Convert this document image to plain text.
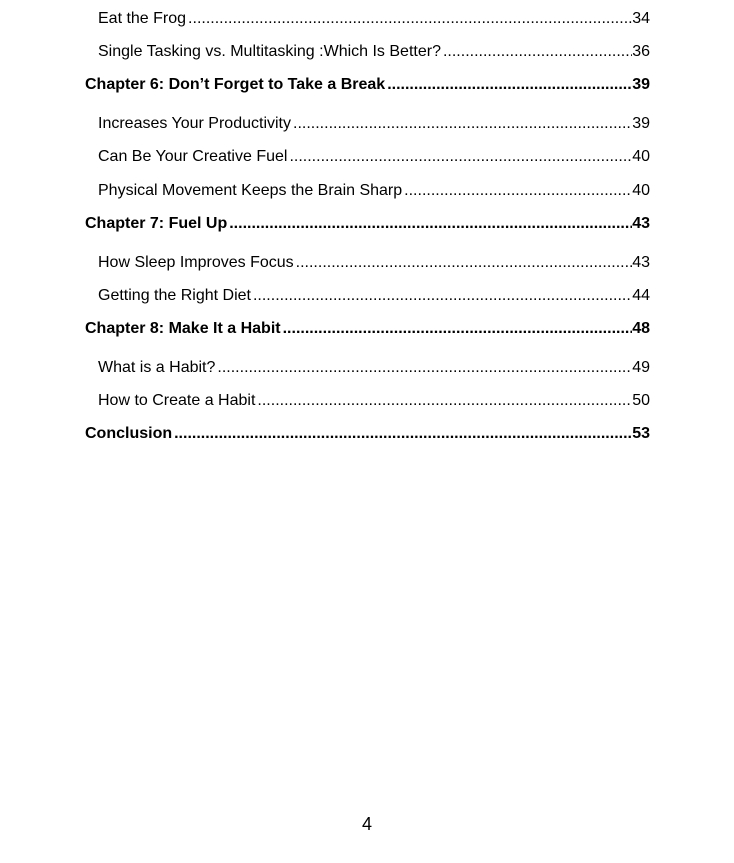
Eat the Frog .....	34
Single Tasking vs. Multitasking :Which Is Better? .....	36
Chapter 6: Don’t Forget to Take a Break .....	39
Increases Your Productivity .....	39
Can Be Your Creative Fuel .....	40
Physical Movement Keeps the Brain Sharp .....	40
Chapter 7: Fuel Up .....	43
How Sleep Improves Focus .....	43
Getting the Right Diet .....	44
Chapter 8: Make It a Habit .....	48
What is a Habit? .....	49
How to Create a Habit .....	50
Conclusion .....	53
4
